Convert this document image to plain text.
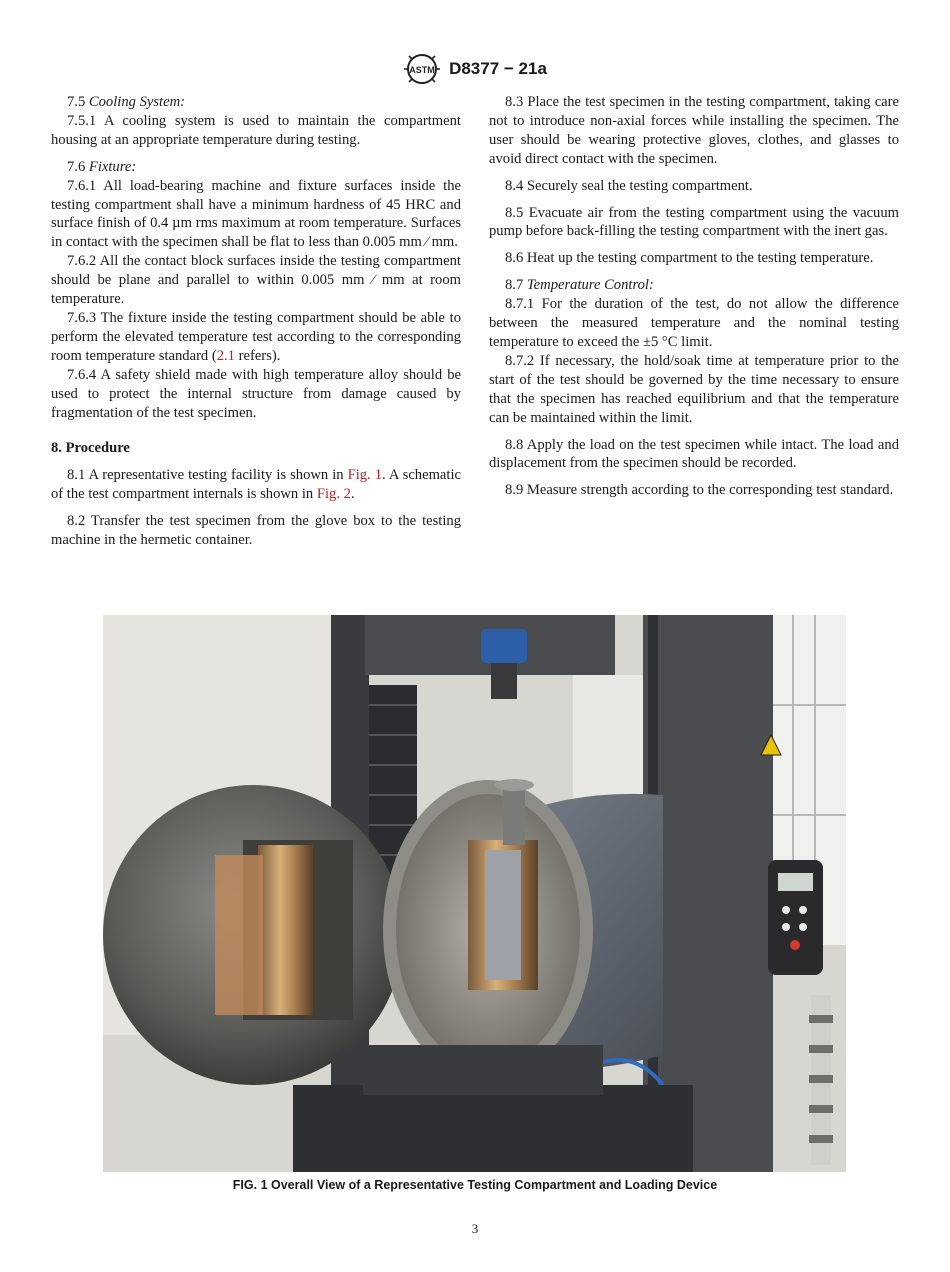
ASTM D8377 − 21a

7.5 Cooling System:

7.5.1 A cooling system is used to maintain the compartment housing at an appropriate temperature during testing.

7.6 Fixture:

7.6.1 All load-bearing machine and fixture surfaces inside the testing compartment shall have a minimum hardness of 45 HRC and surface finish of 0.4 µm rms maximum at room temperature. Surfaces in contact with the specimen shall be flat to less than 0.005 mm ⁄ mm.

7.6.2 All the contact block surfaces inside the testing compartment should be plane and parallel to within 0.005 mm ⁄ mm at room temperature.

7.6.3 The fixture inside the testing compartment should be able to perform the elevated temperature test according to the corresponding room temperature standard (2.1 refers).

7.6.4 A safety shield made with high temperature alloy should be used to protect the internal structure from damage caused by fragmentation of the test specimen.

8. Procedure

8.1 A representative testing facility is shown in Fig. 1. A schematic of the test compartment internals is shown in Fig. 2.

8.2 Transfer the test specimen from the glove box to the testing machine in the hermetic container.

8.3 Place the test specimen in the testing compartment, taking care not to introduce non-axial forces while installing the specimen. The user should be wearing protective gloves, clothes, and glasses to avoid direct contact with the specimen.

8.4 Securely seal the testing compartment.

8.5 Evacuate air from the testing compartment using the vacuum pump before back-filling the testing compartment with the inert gas.

8.6 Heat up the testing compartment to the testing temperature.

8.7 Temperature Control:

8.7.1 For the duration of the test, do not allow the difference between the measured temperature and the nominal testing temperature to exceed the ±5 °C limit.

8.7.2 If necessary, the hold/soak time at temperature prior to the start of the test should be governed by the time necessary to ensure that the specimen has reached equilibrium and that the temperature can be maintained within the limit.

8.8 Apply the load on the test specimen while intact. The load and displacement from the specimen should be recorded.

8.9 Measure strength according to the corresponding test standard.

FIG. 1 Overall View of a Representative Testing Compartment and Loading Device
3
